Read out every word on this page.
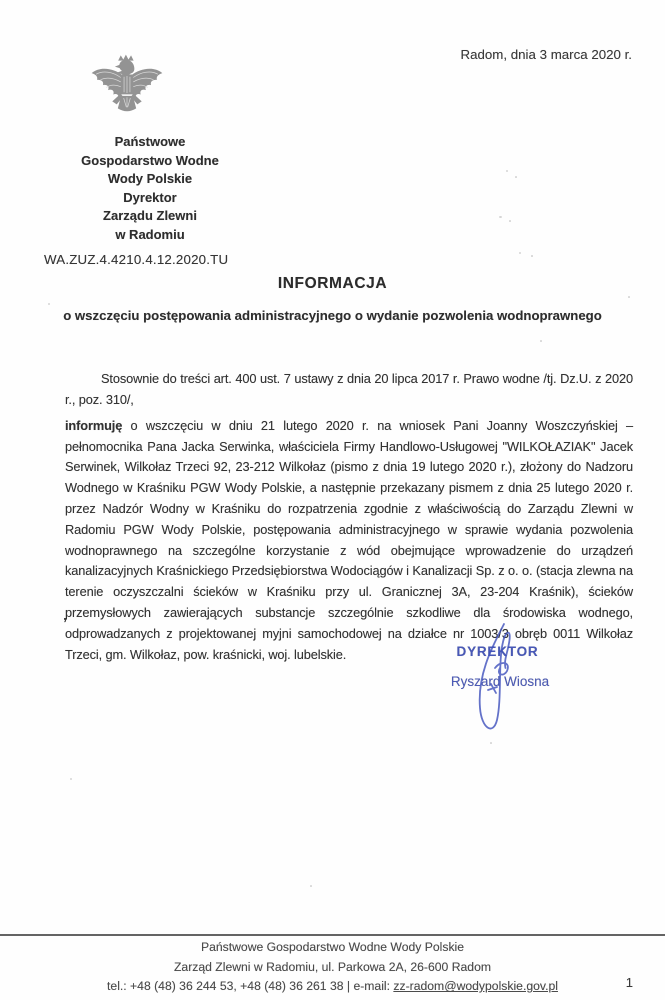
Radom, dnia 3 marca 2020 r.
Państwowe
Gospodarstwo Wodne
Wody Polskie
Dyrektor
Zarządu Zlewni
w Radomiu
WA.ZUZ.4.4210.4.12.2020.TU
INFORMACJA
o wszczęciu postępowania administracyjnego o wydanie pozwolenia wodnoprawnego

Stosownie do treści art. 400 ust. 7 ustawy z dnia 20 lipca 2017 r. Prawo wodne /tj. Dz.U. z 2020 r., poz. 310/,

informuję o wszczęciu w dniu 21 lutego 2020 r. na wniosek Pani Joanny Woszczyńskiej – pełnomocnika Pana Jacka Serwinka, właściciela Firmy Handlowo-Usługowej "WILKOŁAZIAK" Jacek Serwinek, Wilkołaz Trzeci 92, 23-212 Wilkołaz (pismo z dnia 19 lutego 2020 r.), złożony do Nadzoru Wodnego w Kraśniku PGW Wody Polskie, a następnie przekazany pismem z dnia 25 lutego 2020 r. przez Nadzór Wodny w Kraśniku do rozpatrzenia zgodnie z właściwością do Zarządu Zlewni w Radomiu PGW Wody Polskie, postępowania administracyjnego w sprawie wydania pozwolenia wodnoprawnego na szczególne korzystanie z wód obejmujące wprowadzenie do urządzeń kanalizacyjnych Kraśnickiego Przedsiębiorstwa Wodociągów i Kanalizacji Sp. z o. o. (stacja zlewna na terenie oczyszczalni ścieków w Kraśniku przy ul. Granicznej 3A, 23-204 Kraśnik), ścieków przemysłowych zawierających substancje szczególnie szkodliwe dla środowiska wodnego, odprowadzanych z projektowanej myjni samochodowej na działce nr 1003/3 obręb 0011 Wilkołaz Trzeci, gm. Wilkołaz, pow. kraśnicki, woj. lubelskie.

’
DYREKTOR
Ryszard Wiosna
Państwowe Gospodarstwo Wodne Wody Polskie
Zarząd Zlewni w Radomiu, ul. Parkowa 2A, 26-600 Radom
tel.: +48 (48) 36 244 53, +48 (48) 36 261 38 | e-mail: zz-radom@wodypolskie.gov.pl	1
